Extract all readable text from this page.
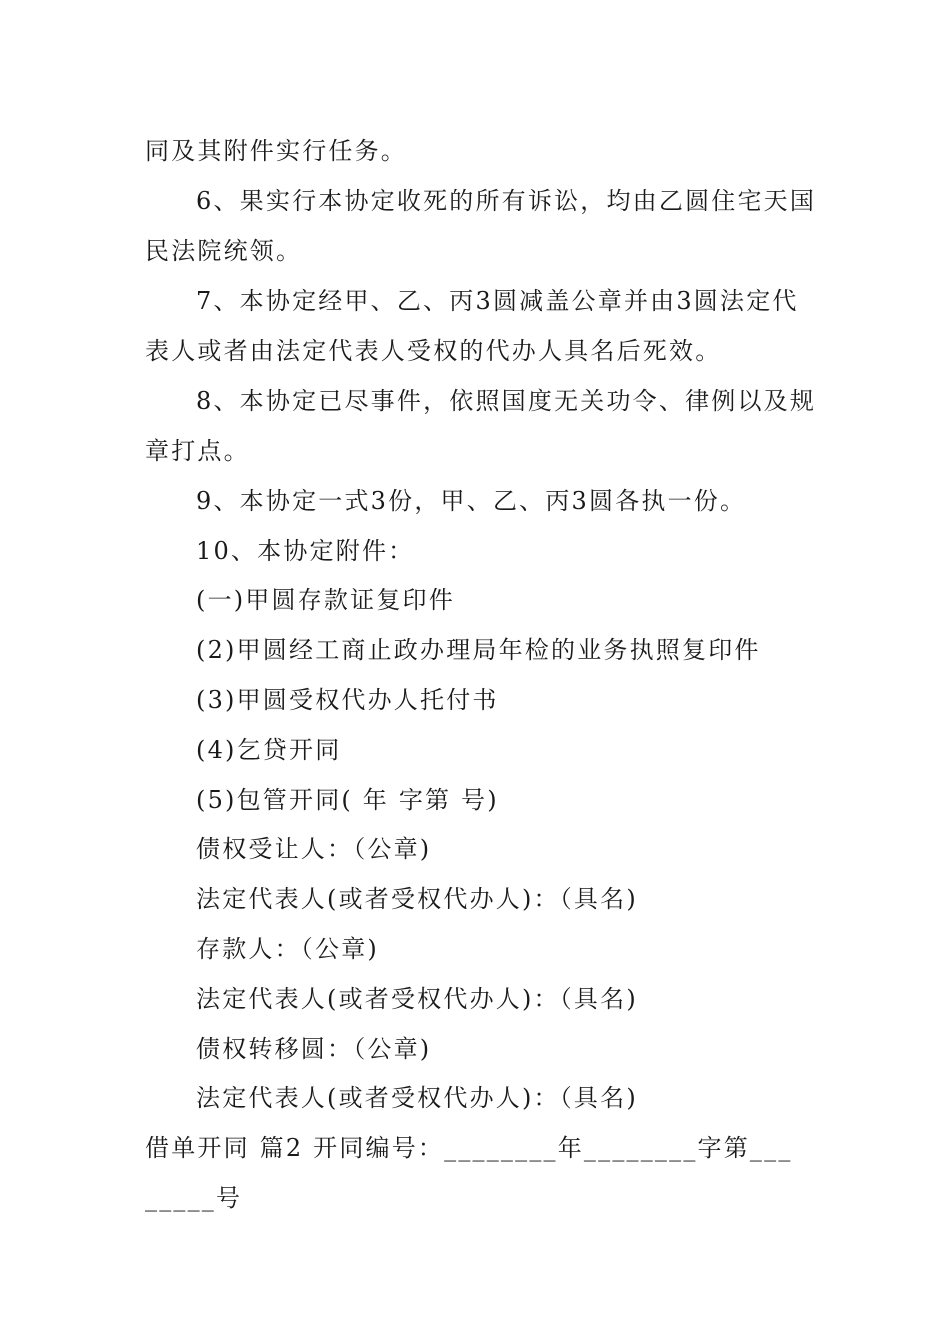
同及其附件实行任务。
6、果实行本协定收死的所有诉讼，均由乙圆住宅天国
民法院统领。
7、本协定经甲、乙、丙3圆减盖公章并由3圆法定代
表人或者由法定代表人受权的代办人具名后死效。
8、本协定已尽事件，依照国度无关功令、律例以及规
章打点。
9、本协定一式3份，甲、乙、丙3圆各执一份。
10、本协定附件：
(一)甲圆存款证复印件
(2)甲圆经工商止政办理局年检的业务执照复印件
(3)甲圆受权代办人托付书
(4)乞贷开同
(5)包管开同( 年 字第 号)
债权受让人：（公章)
法定代表人(或者受权代办人)：（具名)
存款人：（公章)
法定代表人(或者受权代办人)：（具名)
债权转移圆：（公章)
法定代表人(或者受权代办人)：（具名)
借单开同 篇2 开同编号：________年________字第___
_____号
